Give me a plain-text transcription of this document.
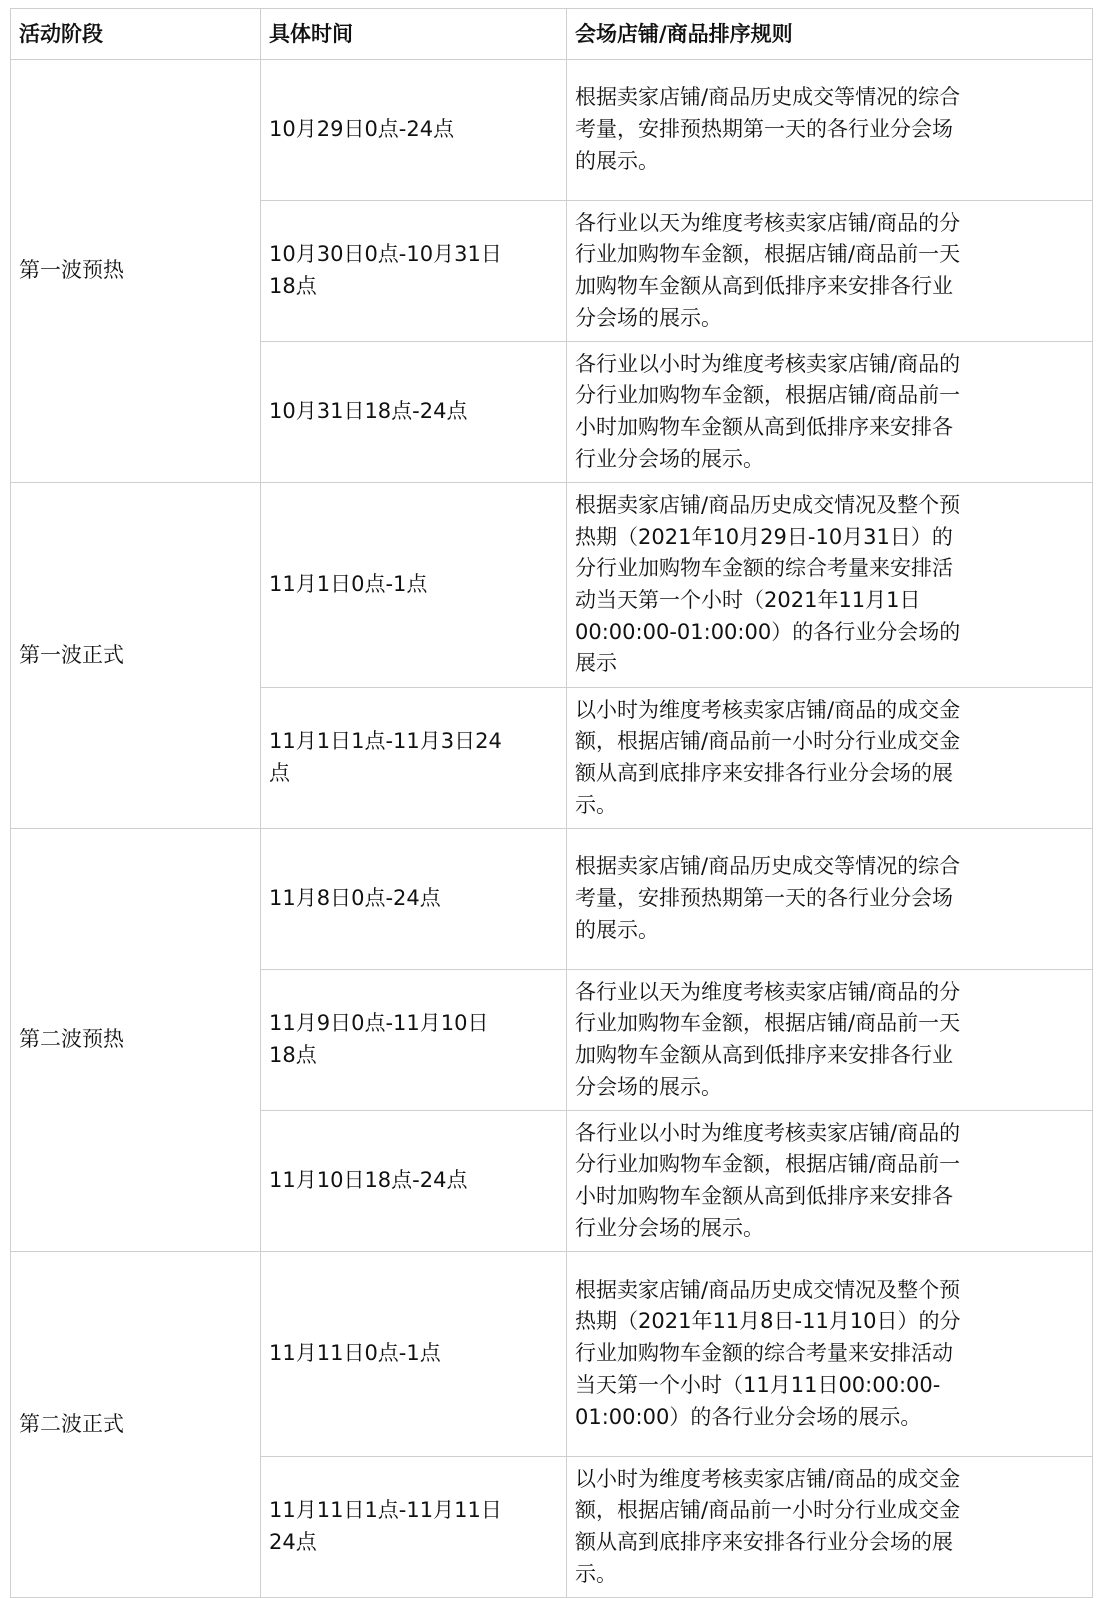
活动阶段	具体时间	会场店铺/商品排序规则
第一波预热	10月29日0点-24点	根据卖家店铺/商品历史成交等情况的综合考量，安排预热期第一天的各行业分会场的展示。
	10月30日0点-10月31日18点	各行业以天为维度考核卖家店铺/商品的分行业加购物车金额，根据店铺/商品前一天加购物车金额从高到低排序来安排各行业分会场的展示。
	10月31日18点-24点	各行业以小时为维度考核卖家店铺/商品的分行业加购物车金额，根据店铺/商品前一小时加购物车金额从高到低排序来安排各行业分会场的展示。
第一波正式	11月1日0点-1点	根据卖家店铺/商品历史成交情况及整个预热期（2021年10月29日-10月31日）的分行业加购物车金额的综合考量来安排活动当天第一个小时（2021年11月1日00:00:00-01:00:00）的各行业分会场的展示
	11月1日1点-11月3日24点	以小时为维度考核卖家店铺/商品的成交金额，根据店铺/商品前一小时分行业成交金额从高到底排序来安排各行业分会场的展示。
第二波预热	11月8日0点-24点	根据卖家店铺/商品历史成交等情况的综合考量，安排预热期第一天的各行业分会场的展示。
	11月9日0点-11月10日18点	各行业以天为维度考核卖家店铺/商品的分行业加购物车金额，根据店铺/商品前一天加购物车金额从高到低排序来安排各行业分会场的展示。
	11月10日18点-24点	各行业以小时为维度考核卖家店铺/商品的分行业加购物车金额，根据店铺/商品前一小时加购物车金额从高到低排序来安排各行业分会场的展示。
第二波正式	11月11日0点-1点	根据卖家店铺/商品历史成交情况及整个预热期（2021年11月8日-11月10日）的分行业加购物车金额的综合考量来安排活动当天第一个小时（11月11日00:00:00-01:00:00）的各行业分会场的展示。
	11月11日1点-11月11日24点	以小时为维度考核卖家店铺/商品的成交金额，根据店铺/商品前一小时分行业成交金额从高到底排序来安排各行业分会场的展示。
